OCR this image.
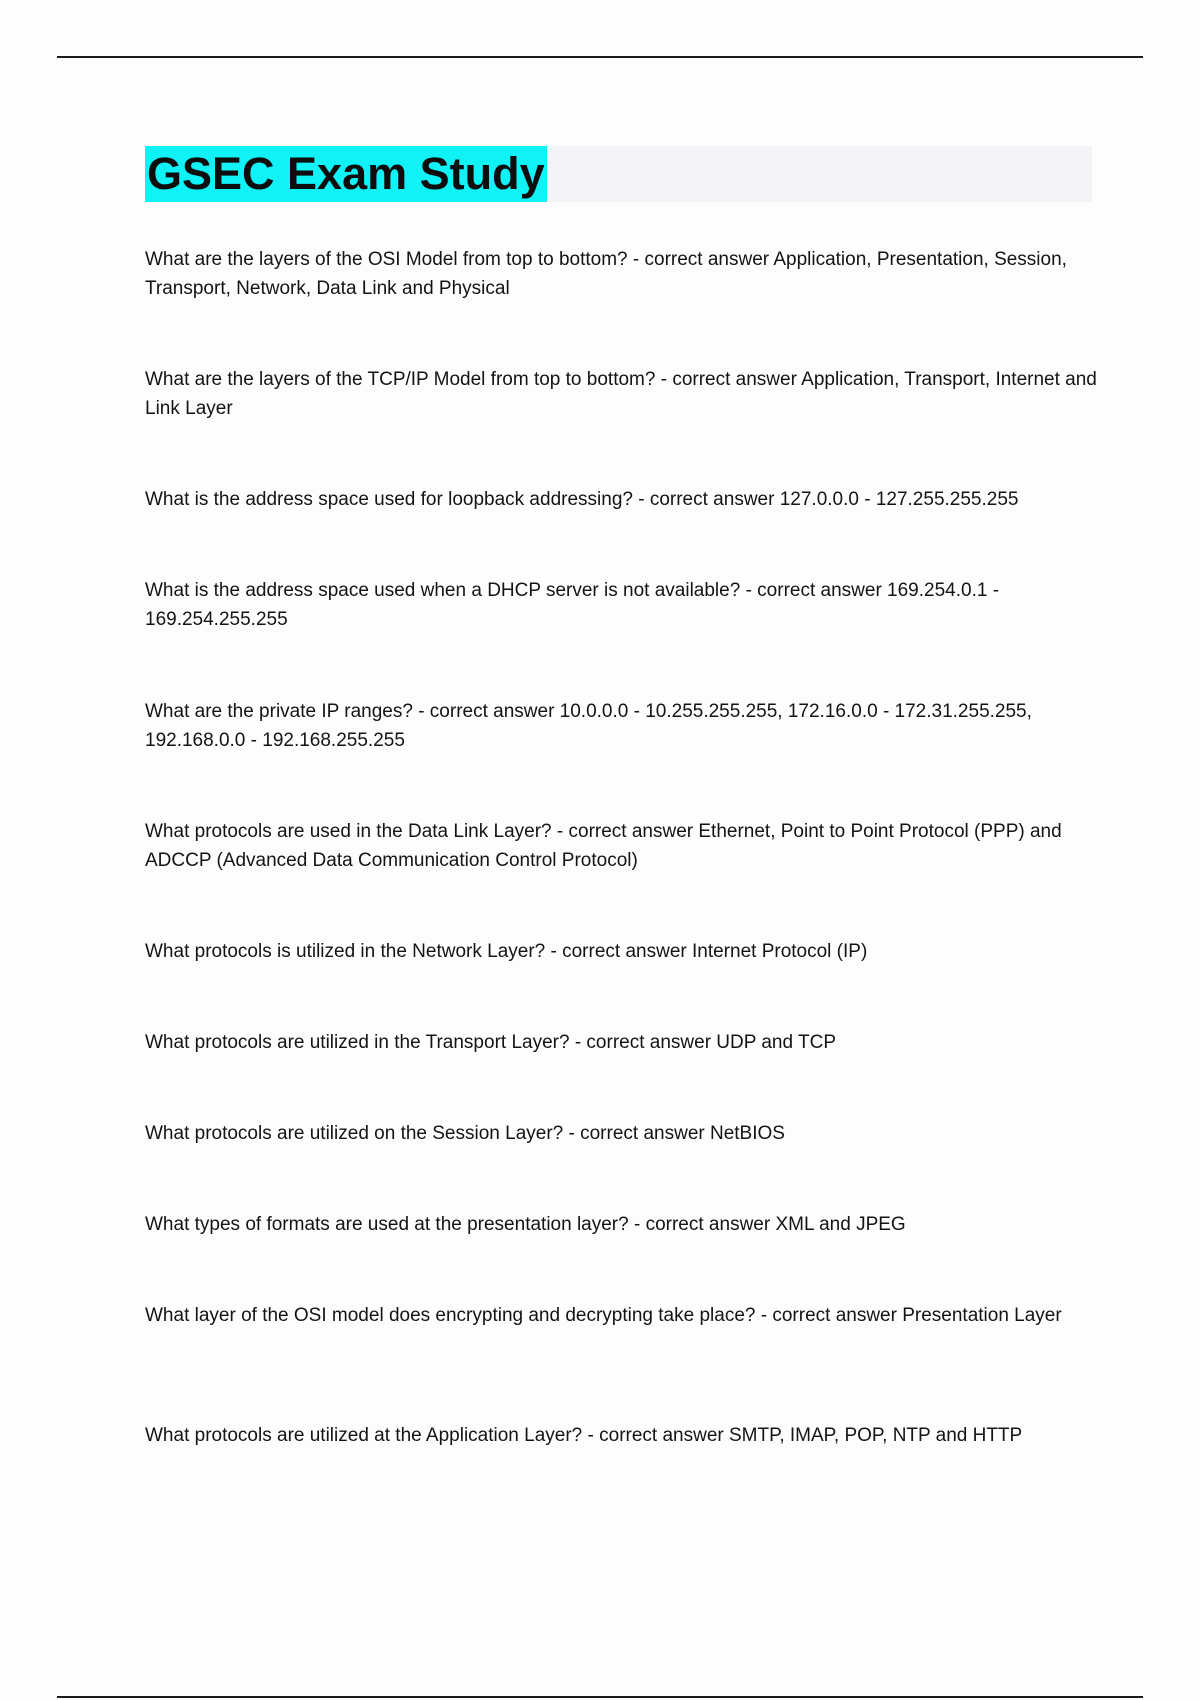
GSEC Exam Study

What are the layers of the OSI Model from top to bottom? - correct answer Application, Presentation, Session, Transport, Network, Data Link and Physical

What are the layers of the TCP/IP Model from top to bottom? - correct answer Application, Transport, Internet and Link Layer

What is the address space used for loopback addressing? - correct answer 127.0.0.0 - 127.255.255.255

What is the address space used when a DHCP server is not available? - correct answer 169.254.0.1 - 169.254.255.255

What are the private IP ranges? - correct answer 10.0.0.0 - 10.255.255.255, 172.16.0.0 - 172.31.255.255, 192.168.0.0 - 192.168.255.255

What protocols are used in the Data Link Layer? - correct answer Ethernet, Point to Point Protocol (PPP) and ADCCP (Advanced Data Communication Control Protocol)

What protocols is utilized in the Network Layer? - correct answer Internet Protocol (IP)

What protocols are utilized in the Transport Layer? - correct answer UDP and TCP

What protocols are utilized on the Session Layer? - correct answer NetBIOS

What types of formats are used at the presentation layer? - correct answer XML and JPEG

What layer of the OSI model does encrypting and decrypting take place? - correct answer Presentation Layer

What protocols are utilized at the Application Layer? - correct answer SMTP, IMAP, POP, NTP and HTTP
